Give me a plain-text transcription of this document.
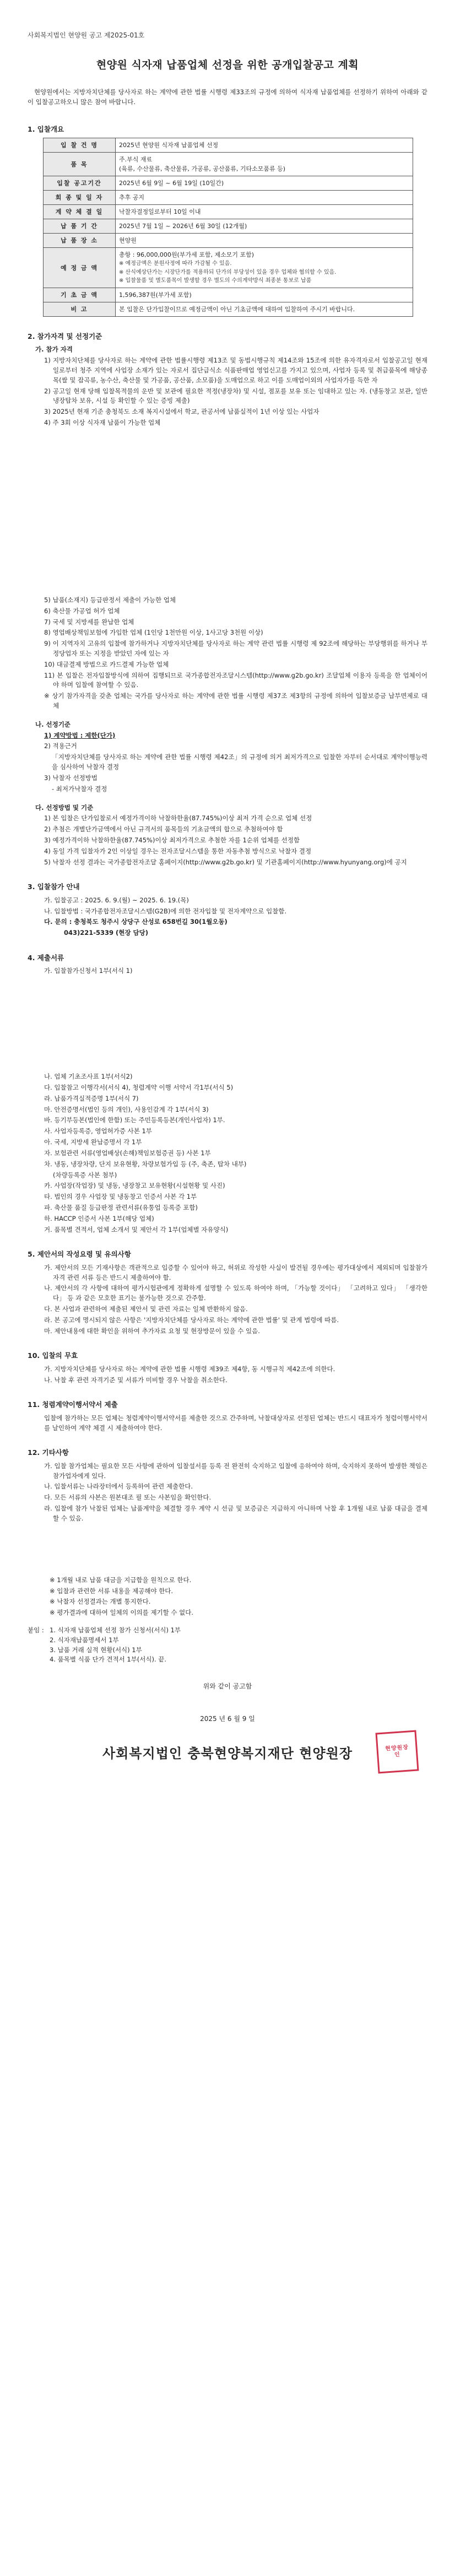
사회복지법인 현양원 공고 제2025-01호
현양원 식자재 납품업체 선정을 위한 공개입찰공고 계획
현양원에서는 지방자치단체를 당사자로 하는 계약에 관한 법률 시행령 제33조의 규정에 의하여 식자재 납품업체를 선정하기 위하여 아래와 같이 입찰공고하오니 많은 참여 바랍니다.
1. 입찰개요
입 찰 건 명	2025년 현양원 식자재 납품업체 선정
품 목	주.부식 재료
(육류, 수산물류, 축산물류, 가공류, 공산품류, 기타소모품류 등)
입찰 공고기간	2025년 6월 9일 ~ 6월 19일 (10일간)
회 종 및 일 자	추후 공지
계 약 체 결 일	낙찰자결정일로부터 10일 이내
납 품 기 간	2025년 7월 1일 ~ 2026년 6월 30일 (12개월)
납 품 장 소	현양원
예 정 금 액	총항 : 96,000,000원(부가세 포함, 제소모기 포함)
※ 예정금액은 분원사정에 따라 가감될 수 있음.
※ 산식예상단가는 시장단가를 적용하되 단가의 부당성이 있을 경우 업체와 협의할 수 있음.
※ 입찰물품 및 별도품목이 발생할 경우 별도의 수의계약방식 최종분 통보로 납품

기 초 금 액	1,596,387원(부가세 포함)
비 고	본 입찰은 단가입찰이므로 예정금액이 아닌 기초금액에 대하여 입찰하여 주시기 바랍니다.
2. 참가자격 및 선정기준
가. 참가 자격
1) 지방자치단체를 당사자로 하는 계약에 관한 법률시행령 제13조 및 동법시행규칙 제14조와 15조에 의한 유자격자로서 입찰공고일 현재일로부터 청주 지역에 사업장 소재가 있는 자로서 집단급식소 식품판매업 영업신고를 가지고 있으며, 사업자 등록 및 취급품목에 해당종목(쌀 및 잡곡류, 농수산, 축산물 및 가공품, 공산품, 소모품)을 도매업으로 하고 이를 도매업이외의 사업자가를 득한 자
2) 공고일 현재 당해 입찰목적물의 운반 및 보관에 필요한 적정(냉장차) 및 시설, 점포를 보유 또는 임대하고 있는 자. (냉동창고 보관, 일반 냉장탑차 보유, 시설 등 확인할 수 있는 증빙 제출)
3) 2025년 현재 기준 충청북도 소재 복지시설에서 학교, 관공서에 납품실적이 1년 이상 있는 사업자
4) 주 3회 이상 식자재 납품이 가능한 업체
5) 납품(소재지) 등급판정서 제출이 가능한 업체
6) 축산물 가공업 허가 업체
7) 국세 및 지방세를 완납한 업체
8) 영업배상책임보험에 가입한 업체 (1인당 1천만원 이상, 1사고당 3천원 이상)
9) 이 지역자치 고유의 입찰에 참가하거나 지방자치단체를 당사자로 하는 계약 관련 법률 시행령 제 92조에 해당하는 부당행위를 하거나 부정당업자 또는 지정을 받았던 자에 있는 자
10) 대금결제 방법으로 카드결제 가능한 업체
11) 본 입찰은 전자입찰방식에 의하여 집행되므로 국가종합전자조달시스템(http://www.g2b.go.kr) 조달업체 이용자 등록을 한 업체이어야 하며 입찰에 참여할 수 있음.
※ 상기 참가자격을 갖춘 업체는 국가를 당사자로 하는 계약에 관한 법률 시행령 제37조 제3항의 규정에 의하여 입찰보증금 납부면제로 대체
나. 선정기준
1) 계약방법 : 제한(단가)
2) 적용근거
「지방자치단체를 당사자로 하는 계약에 관한 법률 시행령 제42조」의 규정에 의거 최저가격으로 입찰한 자부터 순서대로 계약이행능력을 심사하여 낙찰자 결정
3) 낙찰자 선정방법
- 최저가낙찰자 결정
다. 선정방법 및 기준
1) 본 입찰은 단가입찰로서 예정가격이하 낙찰하한율(87.745%)이상 최저 가격 순으로 업체 선정
2) 추첨은 개별단가금액에서 아닌 규격서의 품목들의 기초금액의 합으로 추첨하여야 함
3) 예정가격이하 낙찰하한율(87.745%)이상 최저가격으로 추첨한 자를 1순위 업체를 선정함
4) 동일 가격 입찰자가 2인 이상일 경우는 전자조달시스템을 통한 자동추첨 방식으로 낙찰자 결정
5) 낙찰자 선정 결과는 국가종합전자조달 홈페이지(http://www.g2b.go.kr) 및 기관홈페이지(http://www.hyunyang.org)에 공지
3. 입찰참가 안내
가. 입찰공고 : 2025. 6. 9.(월) ~ 2025. 6. 19.(목)
나. 입찰방법 : 국가종합전자조달시스템(G2B)에 의한 전자입찰 및 전자계약으로 입찰함.
다. 문의 : 충청북도 청주시 상당구 산성로 658번길 30(1월오동)
043)221-5339 (현장 담당)
4. 제출서류
가. 입찰참가신청서 1부(서식 1)
나. 업체 기초조사표 1부(서식2)
다. 입찰참고 이행각서(서식 4), 청렴계약 이행 서약서 각1부(서식 5)
라. 납품가격실적증명 1부(서식 7)
마. 안전증명서(법인 등의 개인), 사용인감계 각 1부(서식 3)
바. 등기부등본(법인에 한함) 또는 주민등록등본(개인사업자) 1부.
사. 사업자등록증, 영업허가증 사본 1부
아. 국세, 지방세 완납증명서 각 1부
자. 보험관련 서류(영업배상(손해)책임보험증권 등) 사본 1부
차. 냉동, 냉장차량, 단지 보유현황, 차량보험가입 등 (주, 축존, 탑차 내부)
(차량등록증 사본 첨부)
카. 사업장(작업장) 및 냉동, 냉장창고 보유현황(시설현황 및 사진)
타. 법인의 경우 사업장 및 냉동창고 인증서 사본 각 1부
파. 축산물 품질 등급판정 관련서류(유통업 등록증 포함)
하. HACCP 인증서 사본 1부(해당 업체)
거. 품목별 견적서, 업체 소개서 및 제안서 각 1부(업체별 자유양식)
5. 제안서의 작성요령 및 유의사항
가. 제안서의 모든 기재사항은 객관적으로 입증할 수 있어야 하고, 허위로 작성한 사실이 발견될 경우에는 평가대상에서 제외되며 입찰참가 자격 관련 서류 등은 반드시 제출하여야 함.
나. 제안서의 각 사항에 대하여 평가시험관에게 정확하게 설명할 수 있도록 하여야 하며, 「가능할 것이다」 「고려하고 있다」 「생각한다」 등 과 같은 모호한 표기는 불가능한 것으로 간주함.
다. 본 사업과 관련하여 제출된 제안서 및 관련 자료는 일체 반환하지 않음.
라. 본 공고에 명시되지 않은 사항은 '지방자치단체를 당사자로 하는 계약에 관한 법률' 및 관계 법령에 따름.
마. 제안내용에 대한 확인을 위하여 추가자료 요청 및 현장방문이 있을 수 있음.
10. 입찰의 무효
가. 지방자치단체를 당사자로 하는 계약에 관한 법률 시행령 제39조 제4항, 동 시행규칙 제42조에 의한다.
나. 낙찰 후 관련 자격기준 및 서류가 미비할 경우 낙찰을 취소한다.
11. 청렴계약이행서약서 제출
입찰에 참가하는 모든 업체는 청렴계약이행서약서를 제출한 것으로 간주하며, 낙찰대상자로 선정된 업체는 반드시 대표자가 청렴이행서약서를 날인하여 계약 체결 시 제출하여야 한다.
12. 기타사항
가. 입찰 참가업체는 필요한 모든 사항에 관하여 입찰설서를 등록 전 완전히 숙지하고 입찰에 응하여야 하며, 숙지하지 못하여 발생한 책임은 참가업자에게 있다.
나. 입찰서류는 나라장터에서 등록하여 관련 제출한다.
다. 모든 서류의 사본은 원본대조 필 또는 사본임을 확인한다.
라. 입찰에 참가 낙찰된 업체는 납품계약을 체결할 경우 계약 시 선금 및 보증금은 지급하지 아니하며 낙찰 후 1개월 내로 납품 대금을 결제할 수 있음.
※ 1개월 내로 납품 대금을 지급함을 원칙으로 한다.
※ 입찰과 관련한 서류 내용을 제공해야 한다.
※ 낙찰자 선정결과는 개별 통지한다.
※ 평가결과에 대하여 일체의 이의를 제기할 수 없다.
붙임 : 1. 식자재 납품업체 선정 참가 신청서(서식) 1부
2. 식자재납품명세서 1부
3. 납품 거래 실적 현황(서식) 1부
4. 품목별 식품 단가 견적서 1부(서식). 끝.
위와 같이 공고함
2025 년 6 월 9 일
사회복지법인 충북현양복지재단 현양원장	현양원장
인
